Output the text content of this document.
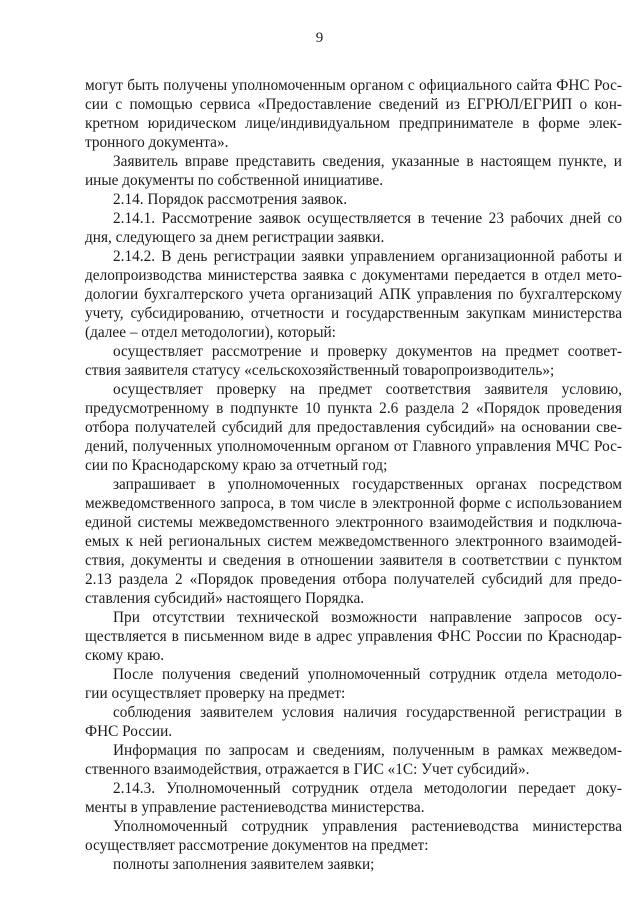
9
могут быть получены уполномоченным органом с официального сайта ФНС Рос-
сии с помощью сервиса «Предоставление сведений из ЕГРЮЛ/ЕГРИП о кон-
кретном юридическом лице/индивидуальном предпринимателе в форме элек-
тронного документа».
Заявитель вправе представить сведения, указанные в настоящем пункте, и
иные документы по собственной инициативе.
2.14. Порядок рассмотрения заявок.
2.14.1. Рассмотрение заявок осуществляется в течение 23 рабочих дней со
дня, следующего за днем регистрации заявки.
2.14.2. В день регистрации заявки управлением организационной работы и
делопроизводства министерства заявка с документами передается в отдел мето-
дологии бухгалтерского учета организаций АПК управления по бухгалтерскому
учету, субсидированию, отчетности и государственным закупкам министерства
(далее – отдел методологии), который:
осуществляет рассмотрение и проверку документов на предмет соответ-
ствия заявителя статусу «сельскохозяйственный товаропроизводитель»;
осуществляет проверку на предмет соответствия заявителя условию,
предусмотренному в подпункте 10 пункта 2.6 раздела 2 «Порядок проведения
отбора получателей субсидий для предоставления субсидий» на основании све-
дений, полученных уполномоченным органом от Главного управления МЧС Рос-
сии по Краснодарскому краю за отчетный год;
запрашивает в уполномоченных государственных органах посредством
межведомственного запроса, в том числе в электронной форме с использованием
единой системы межведомственного электронного взаимодействия и подключа-
емых к ней региональных систем межведомственного электронного взаимодей-
ствия, документы и сведения в отношении заявителя в соответствии с пунктом
2.13 раздела 2 «Порядок проведения отбора получателей субсидий для предо-
ставления субсидий» настоящего Порядка.
При отсутствии технической возможности направление запросов осу-
ществляется в письменном виде в адрес управления ФНС России по Краснодар-
скому краю.
После получения сведений уполномоченный сотрудник отдела методоло-
гии осуществляет проверку на предмет:
соблюдения заявителем условия наличия государственной регистрации в
ФНС России.
Информация по запросам и сведениям, полученным в рамках межведом-
ственного взаимодействия, отражается в ГИС «1С: Учет субсидий».
2.14.3. Уполномоченный сотрудник отдела методологии передает доку-
менты в управление растениеводства министерства.
Уполномоченный сотрудник управления растениеводства министерства
осуществляет рассмотрение документов на предмет:
полноты заполнения заявителем заявки;
